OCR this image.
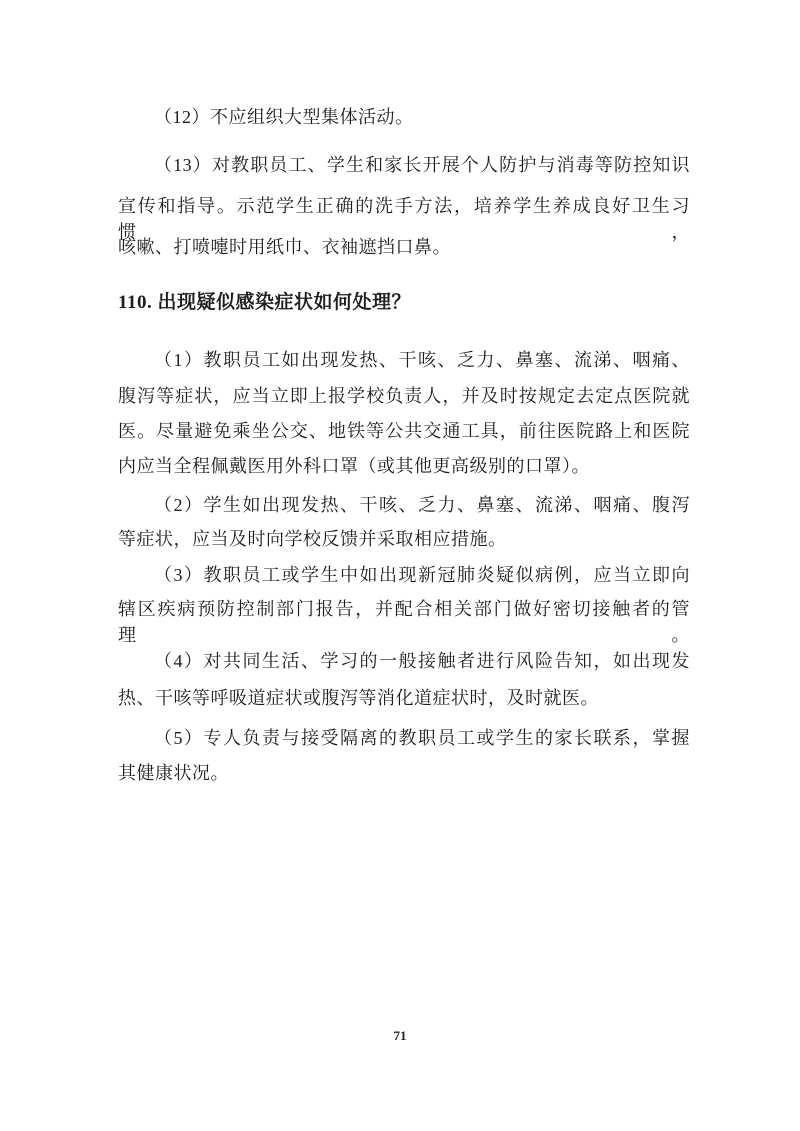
（12）不应组织大型集体活动。
（13）对教职员工、学生和家长开展个人防护与消毒等防控知识
宣传和指导。示范学生正确的洗手方法，培养学生养成良好卫生习惯，
咳嗽、打喷嚏时用纸巾、衣袖遮挡口鼻。
110. 出现疑似感染症状如何处理？
（1）教职员工如出现发热、干咳、乏力、鼻塞、流涕、咽痛、
腹泻等症状，应当立即上报学校负责人，并及时按规定去定点医院就
医。尽量避免乘坐公交、地铁等公共交通工具，前往医院路上和医院
内应当全程佩戴医用外科口罩（或其他更高级别的口罩）。
（2）学生如出现发热、干咳、乏力、鼻塞、流涕、咽痛、腹泻
等症状，应当及时向学校反馈并采取相应措施。
（3）教职员工或学生中如出现新冠肺炎疑似病例，应当立即向
辖区疾病预防控制部门报告，并配合相关部门做好密切接触者的管理。
（4）对共同生活、学习的一般接触者进行风险告知，如出现发
热、干咳等呼吸道症状或腹泻等消化道症状时，及时就医。
（5）专人负责与接受隔离的教职员工或学生的家长联系，掌握
其健康状况。
71
